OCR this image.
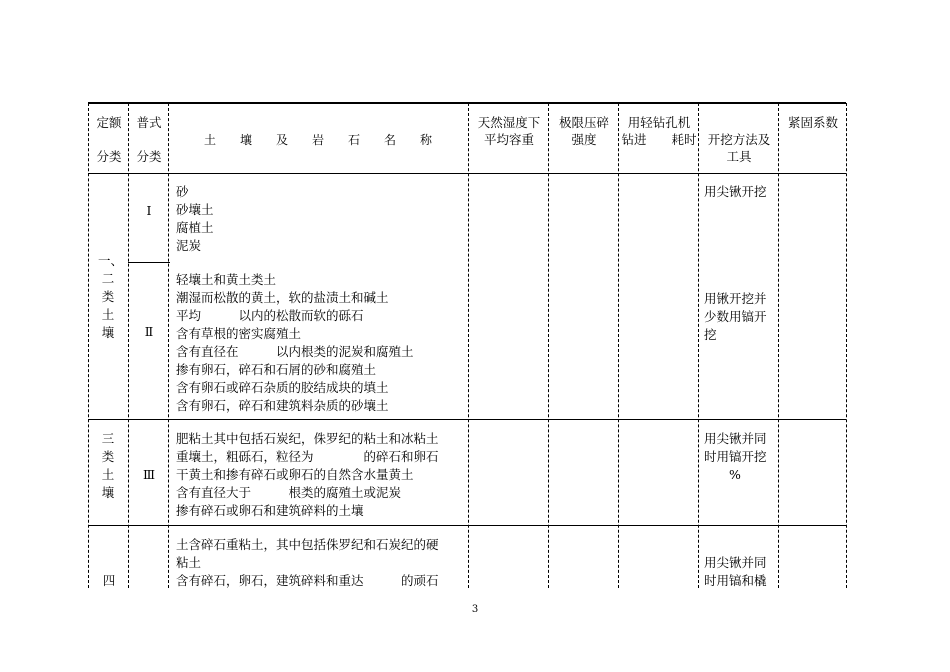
定额
分类
普式
分类
土　　壤　　及　　岩　　石　　名　　称
天然湿度下
平均容重
极限压碎
强度
用轻钻孔机
钻进　　耗时 开挖方法及
工具
紧固系数
一、二类土壤
Ⅰ
砂
砂壤土
腐植土
泥炭
用尖锹开挖
Ⅱ
轻壤土和黄土类土
潮湿而松散的黄土，软的盐渍土和碱土
平均　　　以内的松散而软的砾石
含有草根的密实腐殖土
含有直径在　　　以内根类的泥炭和腐殖土
掺有卵石，碎石和石屑的砂和腐殖土
含有卵石或碎石杂质的胶结成块的填土
含有卵石，碎石和建筑料杂质的砂壤土
用锹开挖并
少数用镐开
挖
三类土壤
Ⅲ
肥粘土其中包括石炭纪，侏罗纪的粘土和冰粘土
重壤土，粗砾石，粒径为　　　　的碎石和卵石
干黄土和掺有碎石或卵石的自然含水量黄土
含有直径大于　　　根类的腐殖土或泥炭
掺有碎石或卵石和建筑碎料的土壤
用尖锹并同
时用镐开挖
　　%
四
土含碎石重粘土，其中包括侏罗纪和石炭纪的硬
粘土
含有碎石，卵石，建筑碎料和重达　　　的顽石
用尖锹并同
时用镐和橇
3
